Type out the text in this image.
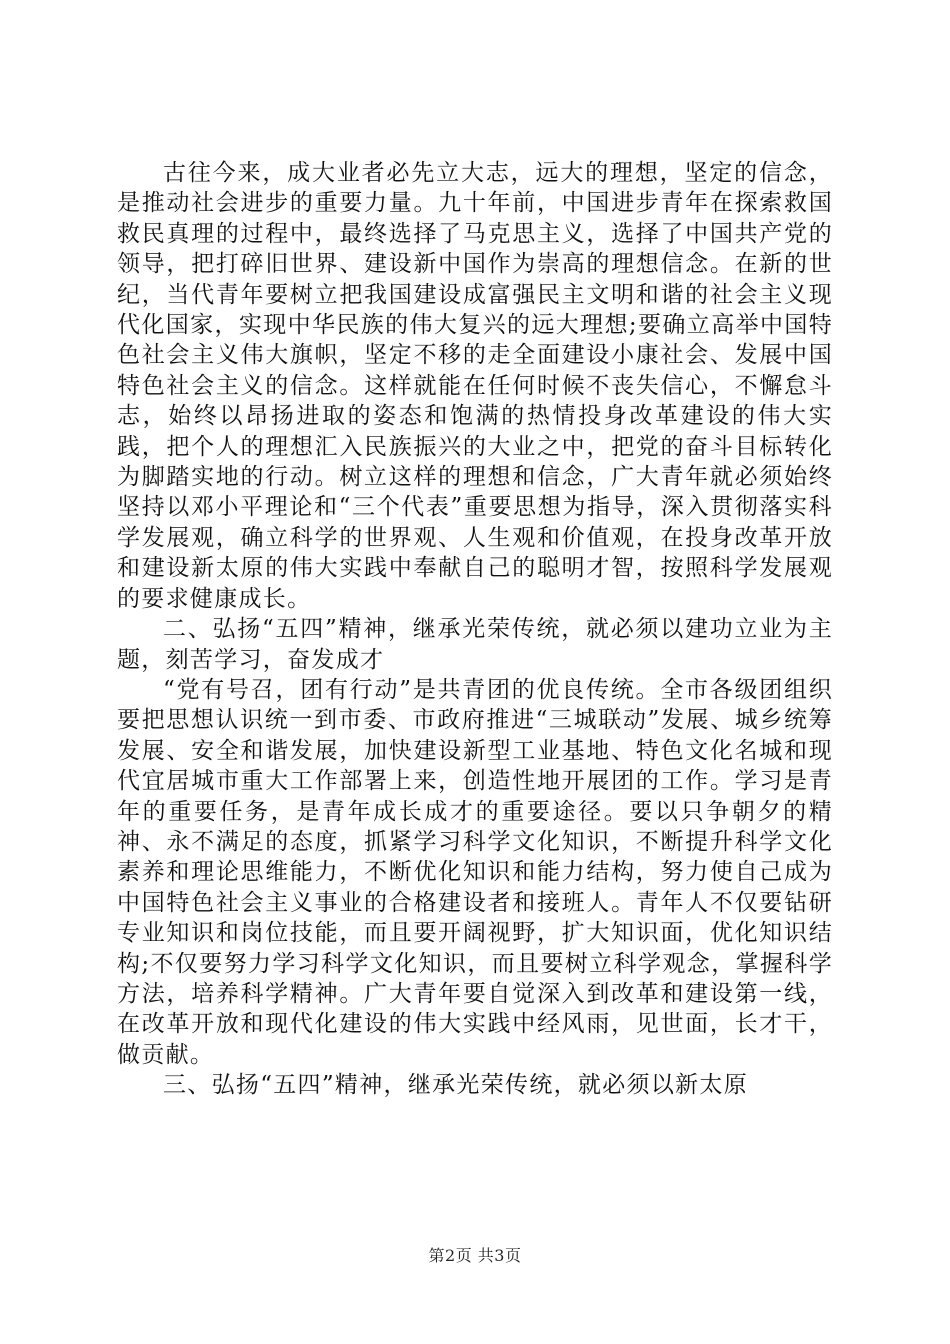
古往今来，成大业者必先立大志，远大的理想，坚定的信念，是推动社会进步的重要力量。九十年前，中国进步青年在探索救国救民真理的过程中，最终选择了马克思主义，选择了中国共产党的领导，把打碎旧世界、建设新中国作为崇高的理想信念。在新的世纪，当代青年要树立把我国建设成富强民主文明和谐的社会主义现代化国家，实现中华民族的伟大复兴的远大理想;要确立高举中国特色社会主义伟大旗帜，坚定不移的走全面建设小康社会、发展中国特色社会主义的信念。这样就能在任何时候不丧失信心，不懈怠斗志，始终以昂扬进取的姿态和饱满的热情投身改革建设的伟大实践，把个人的理想汇入民族振兴的大业之中，把党的奋斗目标转化为脚踏实地的行动。树立这样的理想和信念，广大青年就必须始终坚持以邓小平理论和“三个代表”重要思想为指导，深入贯彻落实科学发展观，确立科学的世界观、人生观和价值观，在投身改革开放和建设新太原的伟大实践中奉献自己的聪明才智，按照科学发展观的要求健康成长。

二、弘扬“五四”精神，继承光荣传统，就必须以建功立业为主题，刻苦学习，奋发成才

“党有号召，团有行动”是共青团的优良传统。全市各级团组织要把思想认识统一到市委、市政府推进“三城联动”发展、城乡统筹发展、安全和谐发展，加快建设新型工业基地、特色文化名城和现代宜居城市重大工作部署上来，创造性地开展团的工作。学习是青年的重要任务，是青年成长成才的重要途径。要以只争朝夕的精神、永不满足的态度，抓紧学习科学文化知识，不断提升科学文化素养和理论思维能力，不断优化知识和能力结构，努力使自己成为中国特色社会主义事业的合格建设者和接班人。青年人不仅要钻研专业知识和岗位技能，而且要开阔视野，扩大知识面，优化知识结构;不仅要努力学习科学文化知识，而且要树立科学观念，掌握科学方法，培养科学精神。广大青年要自觉深入到改革和建设第一线，在改革开放和现代化建设的伟大实践中经风雨，见世面，长才干，做贡献。

三、弘扬“五四”精神，继承光荣传统，就必须以新太原

第2页 共3页
